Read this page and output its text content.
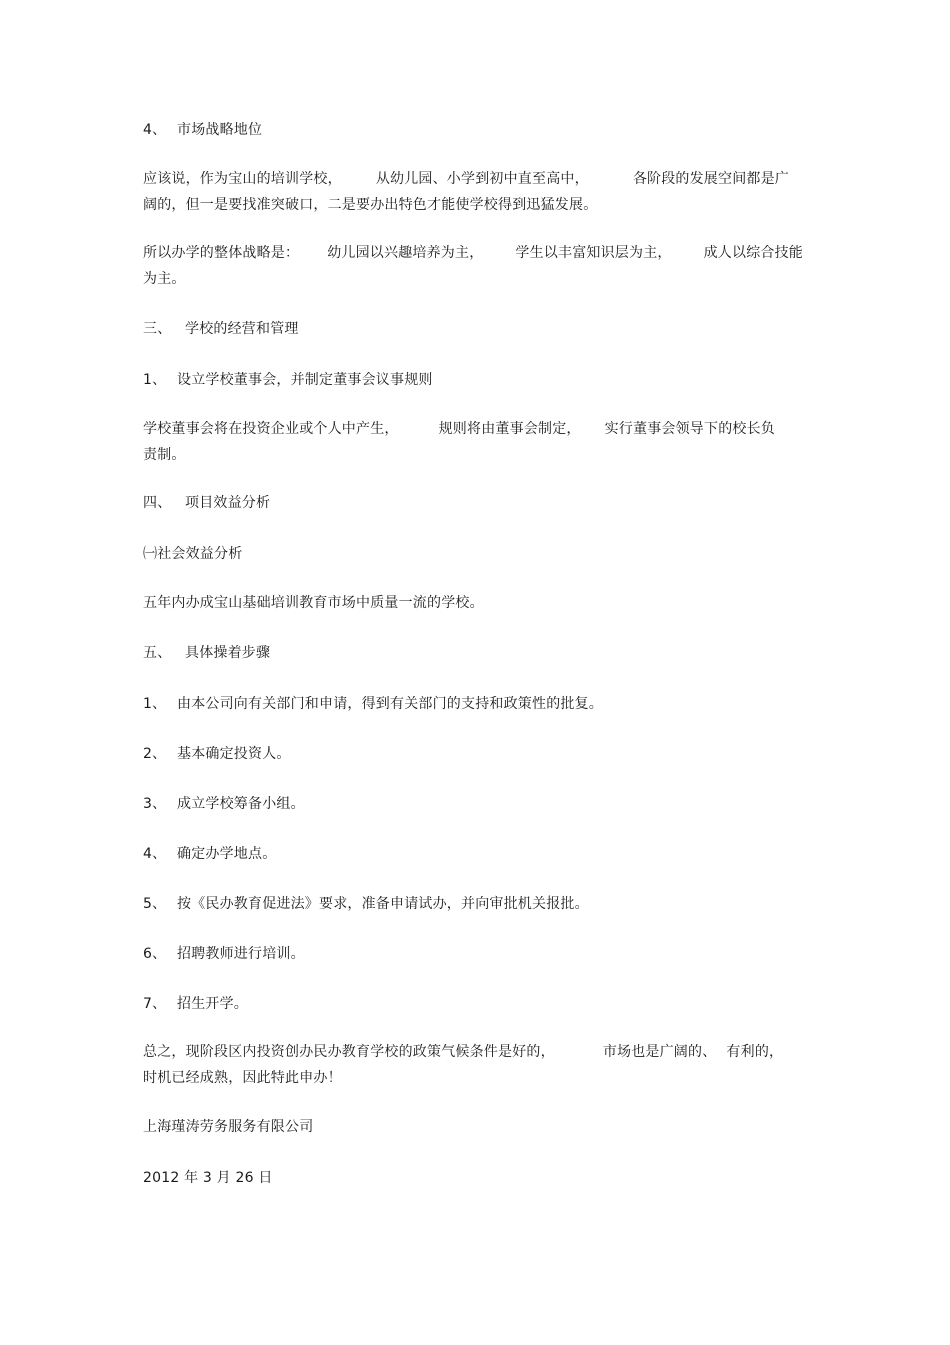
4、 市场战略地位
应该说，作为宝山的培训学校， 从幼儿园、小学到初中直至高中，	各阶段的发展空间都是广
阔的，但一是要找准突破口，二是要办出特色才能使学校得到迅猛发展。
所以办学的整体战略是： 幼儿园以兴趣培养为主， 学生以丰富知识层为主， 成人以综合技能
为主。
三、 学校的经营和管理
1、 设立学校董事会，并制定董事会议事规则
学校董事会将在投资企业或个人中产生，	规则将由董事会制定， 实行董事会领导下的校长负
责制。
四、 项目效益分析
㈠社会效益分析
五年内办成宝山基础培训教育市场中质量一流的学校。
五、 具体操着步骤
1、 由本公司向有关部门和申请，得到有关部门的支持和政策性的批复。
2、 基本确定投资人。
3、 成立学校筹备小组。
4、 确定办学地点。
5、 按《民办教育促进法》要求，准备申请试办，并向审批机关报批。
6、 招聘教师进行培训。
7、 招生开学。
总之，现阶段区内投资创办民办教育学校的政策气候条件是好的，	市场也是广阔的、 有利的，
时机已经成熟，因此特此申办！
上海瑾涛劳务服务有限公司
2012 年 3 月 26 日
